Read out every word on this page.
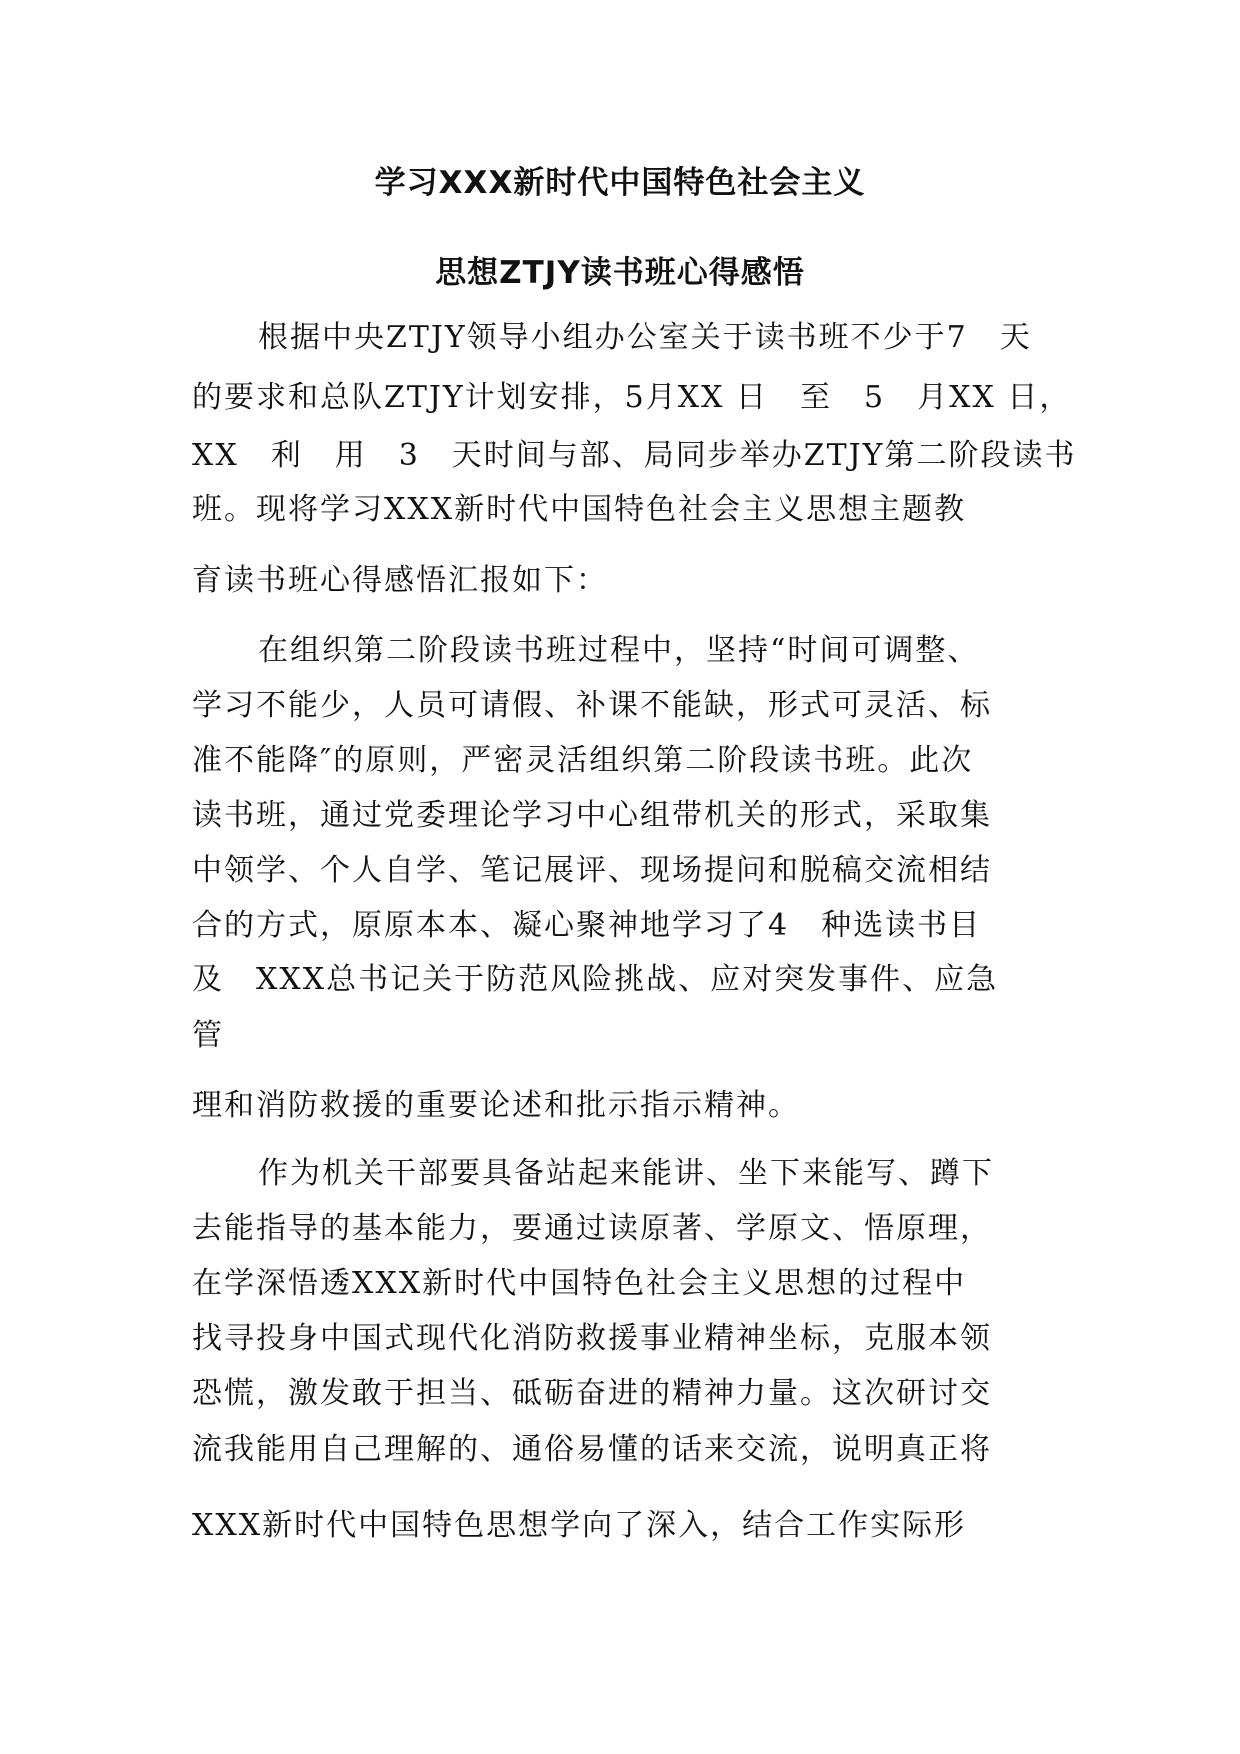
学习XXX新时代中国特色社会主义
思想ZTJY读书班心得感悟
根据中央ZTJY领导小组办公室关于读书班不少于7　天
的要求和总队ZTJY计划安排，5月XX 日　至　5　月XX 日，
XX　利　用　3　天时间与部、局同步举办ZTJY第二阶段读书
班。现将学习XXX新时代中国特色社会主义思想主题教
育读书班心得感悟汇报如下：
在组织第二阶段读书班过程中，坚持“时间可调整、
学习不能少，人员可请假、补课不能缺，形式可灵活、标
准不能降″的原则，严密灵活组织第二阶段读书班。此次
读书班，通过党委理论学习中心组带机关的形式，采取集
中领学、个人自学、笔记展评、现场提问和脱稿交流相结
合的方式，原原本本、凝心聚神地学习了4　种选读书目
及　XXX总书记关于防范风险挑战、应对突发事件、应急
管
理和消防救援的重要论述和批示指示精神。
作为机关干部要具备站起来能讲、坐下来能写、蹲下
去能指导的基本能力，要通过读原著、学原文、悟原理，
在学深悟透XXX新时代中国特色社会主义思想的过程中
找寻投身中国式现代化消防救援事业精神坐标，克服本领
恐慌，激发敢于担当、砥砺奋进的精神力量。这次研讨交
流我能用自己理解的、通俗易懂的话来交流，说明真正将
XXX新时代中国特色思想学向了深入，结合工作实际形
